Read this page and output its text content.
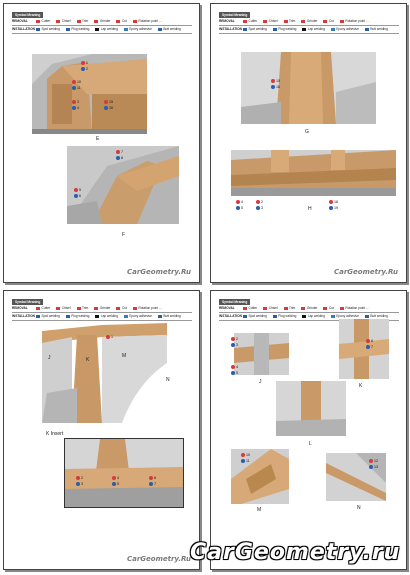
Symbol Meaning
REMOVAL	Cutter	Chisel	Trim	Grinder	Cut	Rotation point ...
INSTALLATION	Spot welding	Plug welding	Lap welding	Epoxy adhesive	Butt welding
E
F
1
2
10
11
3
4
15
16
7
8
5
6
CarGeometry.Ru
Symbol Meaning
REMOVAL	Cutter	Chisel	Trim	Grinder	Cut	Rotation point ...
INSTALLATION	Spot welding	Plug welding	Lap welding	Epoxy adhesive	Butt welding
G
H
15
16
4
5
2
3
18
19
CarGeometry.Ru
Symbol Meaning
REMOVAL	Cutter	Chisel	Trim	Grinder	Cut	Rotation point ...
INSTALLATION	Spot welding	Plug welding	Lap welding	Epoxy adhesive	Butt welding
K Insert
J	K
M
N
1
2
3
4
5
6
7
CarGeometry.Ru
Symbol Meaning
REMOVAL	Cutter	Chisel	Trim	Grinder	Cut	Rotation point ...
INSTALLATION	Spot welding	Plug welding	Lap welding	Epoxy adhesive	Butt welding
J
K
L
M	N
2
3
4
5
6
7
10
11	12
13
CarGeometry.ru
